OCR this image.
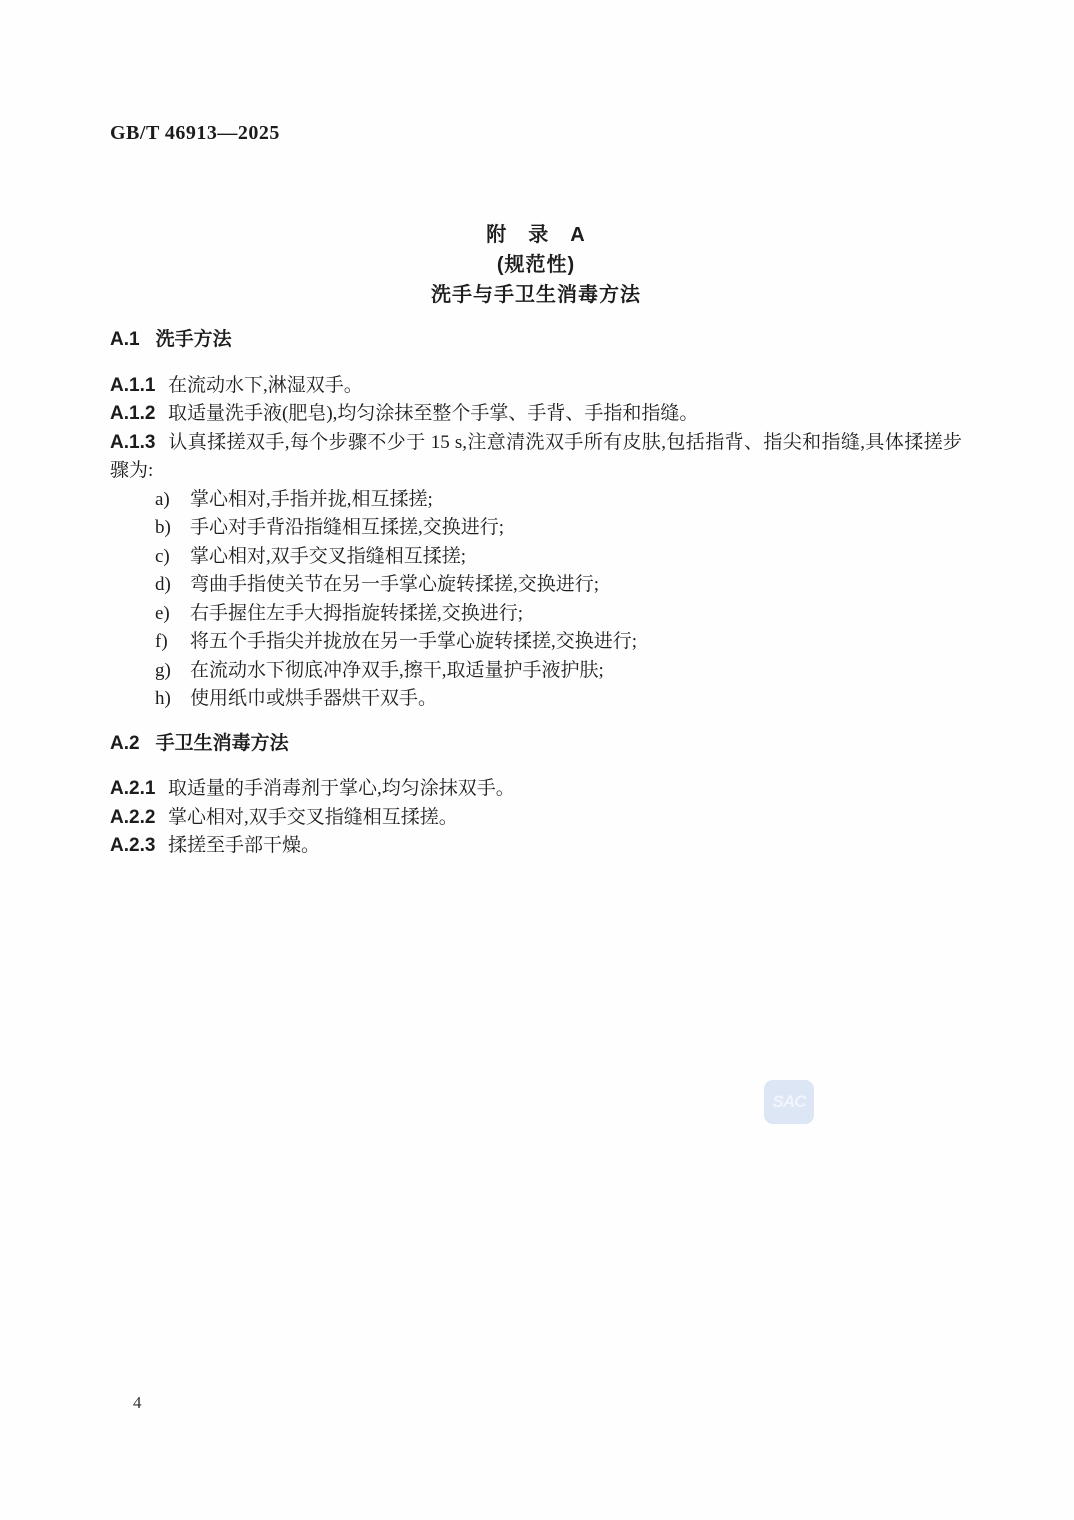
GB/T 46913—2025
附　录　A
(规范性)
洗手与手卫生消毒方法
A.1 洗手方法

A.1.1 在流动水下,淋湿双手。

A.1.2 取适量洗手液(肥皂),均匀涂抹至整个手掌、手背、手指和指缝。

A.1.3 认真揉搓双手,每个步骤不少于 15 s,注意清洗双手所有皮肤,包括指背、指尖和指缝,具体揉搓步骤为:

a) 掌心相对,手指并拢,相互揉搓;
b) 手心对手背沿指缝相互揉搓,交换进行;
c) 掌心相对,双手交叉指缝相互揉搓;
d) 弯曲手指使关节在另一手掌心旋转揉搓,交换进行;
e) 右手握住左手大拇指旋转揉搓,交换进行;
f) 将五个手指尖并拢放在另一手掌心旋转揉搓,交换进行;
g) 在流动水下彻底冲净双手,擦干,取适量护手液护肤;
h) 使用纸巾或烘手器烘干双手。
A.2 手卫生消毒方法

A.2.1 取适量的手消毒剂于掌心,均匀涂抹双手。

A.2.2 掌心相对,双手交叉指缝相互揉搓。

A.2.3 揉搓至手部干燥。

SAC
4
